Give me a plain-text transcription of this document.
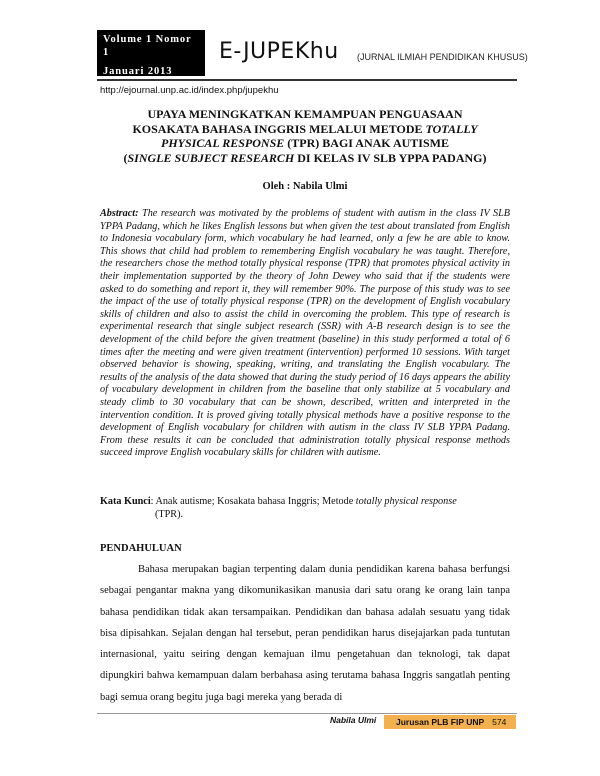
Volume 1 Nomor 1
Januari 2013
E-JUPEKhu (JURNAL ILMIAH PENDIDIKAN KHUSUS)
http://ejournal.unp.ac.id/index.php/jupekhu
UPAYA MENINGKATKAN KEMAMPUAN PENGUASAAN
KOSAKATA BAHASA INGGRIS MELALUI METODE TOTALLY
PHYSICAL RESPONSE (TPR) BAGI ANAK AUTISME
(SINGLE SUBJECT RESEARCH DI KELAS IV SLB YPPA PADANG)
Oleh : Nabila Ulmi
Abstract: The research was motivated by the problems of student with autism in the class IV SLB YPPA Padang, which he likes English lessons but when given the test about translated from English to Indonesia vocabulary form, which vocabulary he had learned, only a few he are able to know. This shows that child had problem to remembering English vocabulary he was taught. Therefore, the researchers chose the method totally physical response (TPR) that promotes physical activity in their implementation supported by the theory of John Dewey who said that if the students were asked to do something and report it, they will remember 90%. The purpose of this study was to see the impact of the use of totally physical response (TPR) on the development of English vocabulary skills of children and also to assist the child in overcoming the problem. This type of research is experimental research that single subject research (SSR) with A-B research design is to see the development of the child before the given treatment (baseline) in this study performed a total of 6 times after the meeting and were given treatment (intervention) performed 10 sessions. With target observed behavior is showing, speaking, writing, and translating the English vocabulary. The results of the analysis of the data showed that during the study period of 16 days appears the ability of vocabulary development in children from the baseline that only stabilize at 5 vocabulary and steady climb to 30 vocabulary that can be shown, described, written and interpreted in the intervention condition. It is proved giving totally physical methods have a positive response to the development of English vocabulary for children with autism in the class IV SLB YPPA Padang. From these results it can be concluded that administration totally physical response methods succeed improve English vocabulary skills for children with autisme.
Kata Kunci: Anak autisme; Kosakata bahasa Inggris; Metode totally physical response
(TPR).
PENDAHULUAN
Bahasa merupakan bagian terpenting dalam dunia pendidikan karena bahasa berfungsi sebagai pengantar makna yang dikomunikasikan manusia dari satu orang ke orang lain tanpa bahasa pendidikan tidak akan tersampaikan. Pendidikan dan bahasa adalah sesuatu yang tidak bisa dipisahkan. Sejalan dengan hal tersebut, peran pendidikan harus disejajarkan pada tuntutan internasional, yaitu seiring dengan kemajuan ilmu pengetahuan dan teknologi, tak dapat dipungkiri bahwa kemampuan dalam berbahasa asing terutama bahasa Inggris sangatlah penting bagi semua orang begitu juga bagi mereka yang berada di
Nabila Ulmi	Jurusan PLB FIP UNP 574
